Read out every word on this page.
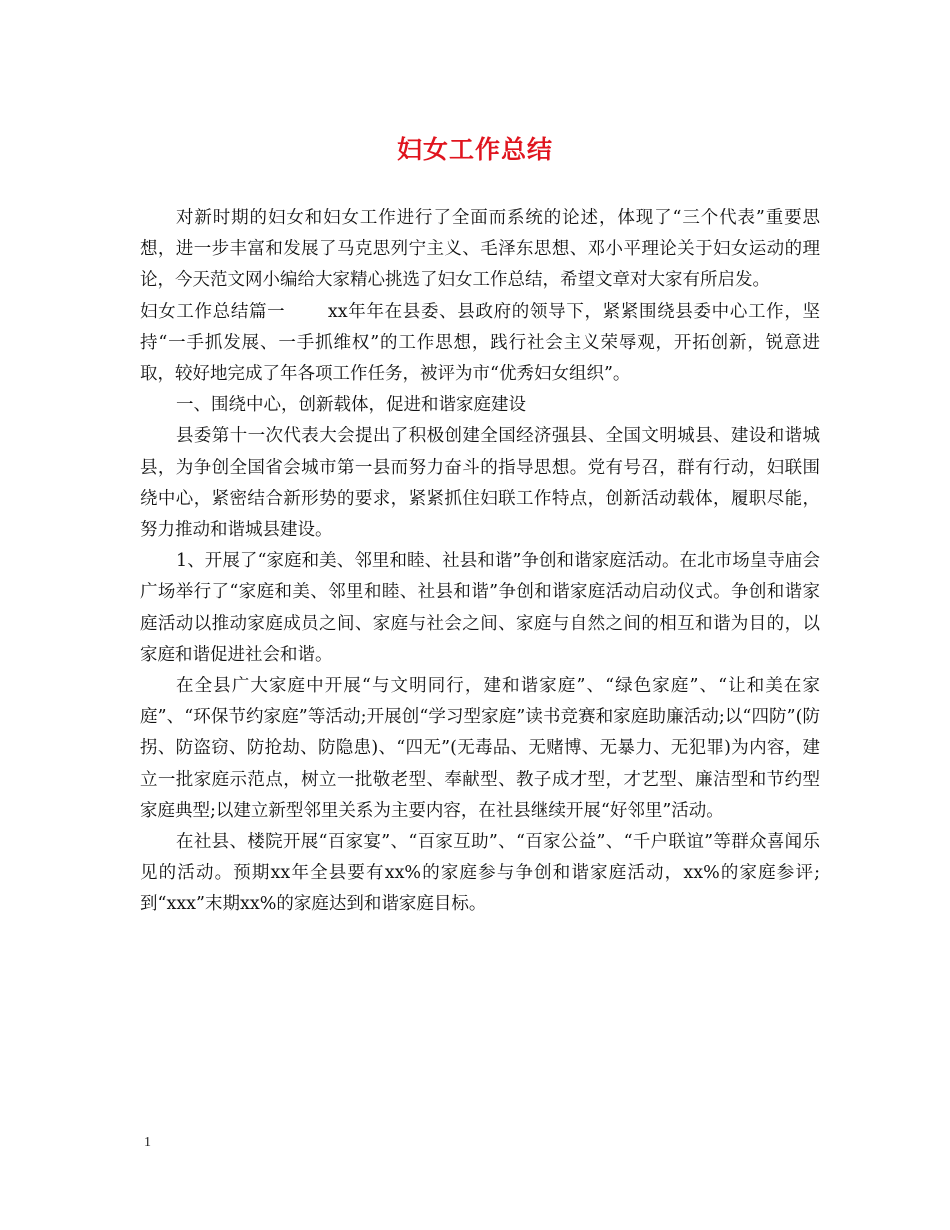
妇女工作总结

对新时期的妇女和妇女工作进行了全面而系统的论述，体现了“三个代表”重要思想，进一步丰富和发展了马克思列宁主义、毛泽东思想、邓小平理论关于妇女运动的理论，今天范文网小编给大家精心挑选了妇女工作总结，希望文章对大家有所启发。

妇女工作总结篇一　　 xx年年在县委、县政府的领导下，紧紧围绕县委中心工作，坚持“一手抓发展、一手抓维权”的工作思想，践行社会主义荣辱观，开拓创新，锐意进取，较好地完成了年各项工作任务，被评为市“优秀妇女组织”。

一、围绕中心，创新载体，促进和谐家庭建设

县委第十一次代表大会提出了积极创建全国经济强县、全国文明城县、建设和谐城县，为争创全国省会城市第一县而努力奋斗的指导思想。党有号召，群有行动，妇联围绕中心，紧密结合新形势的要求，紧紧抓住妇联工作特点，创新活动载体，履职尽能，努力推动和谐城县建设。

1、开展了“家庭和美、邻里和睦、社县和谐”争创和谐家庭活动。在北市场皇寺庙会广场举行了“家庭和美、邻里和睦、社县和谐”争创和谐家庭活动启动仪式。争创和谐家庭活动以推动家庭成员之间、家庭与社会之间、家庭与自然之间的相互和谐为目的，以家庭和谐促进社会和谐。

在全县广大家庭中开展“与文明同行，建和谐家庭”、“绿色家庭”、“让和美在家庭”、“环保节约家庭”等活动;开展创“学习型家庭”读书竞赛和家庭助廉活动;以“四防”(防拐、防盗窃、防抢劫、防隐患)、“四无”(无毒品、无赌博、无暴力、无犯罪)为内容，建立一批家庭示范点，树立一批敬老型、奉献型、教子成才型，才艺型、廉洁型和节约型家庭典型;以建立新型邻里关系为主要内容，在社县继续开展“好邻里”活动。

在社县、楼院开展“百家宴”、“百家互助”、“百家公益”、“千户联谊”等群众喜闻乐见的活动。预期xx年全县要有xx%的家庭参与争创和谐家庭活动，xx%的家庭参评;到“xxx”末期xx%的家庭达到和谐家庭目标。

1
